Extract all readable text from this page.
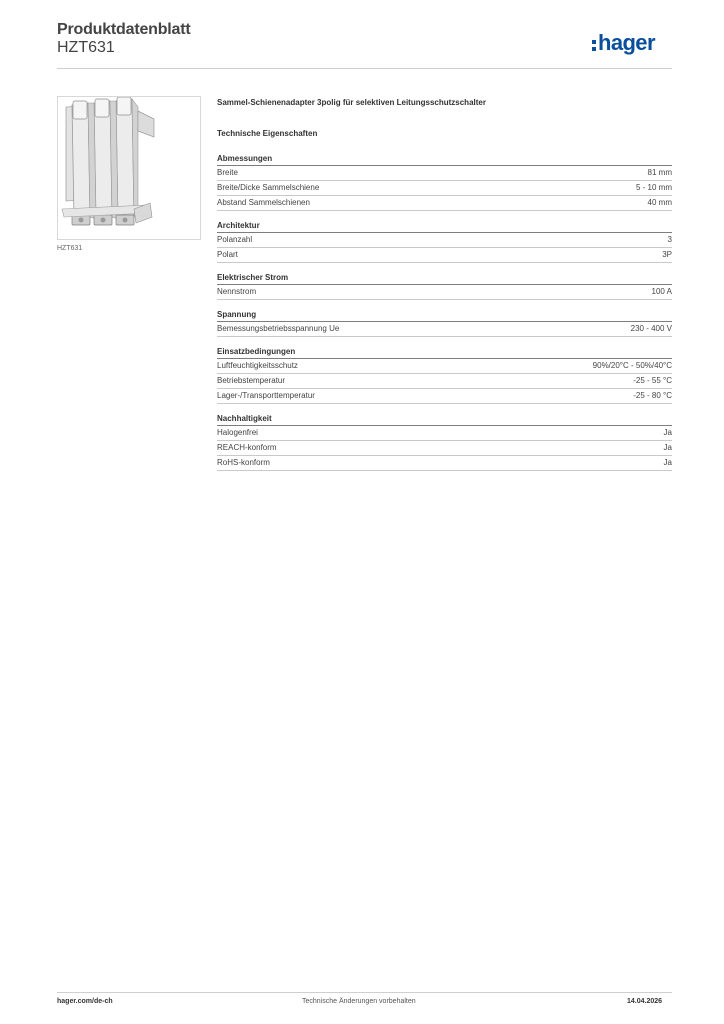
Produktdatenblatt
HZT631	hager
HZT631
Sammel-Schienenadapter 3polig für selektiven Leitungsschutzschalter
Technische Eigenschaften
Abmessungen
Breite	81 mm
Breite/Dicke Sammelschiene	5 - 10 mm
Abstand Sammelschienen	40 mm
Architektur
Polanzahl	3
Polart	3P
Elektrischer Strom
Nennstrom	100 A
Spannung
Bemessungsbetriebsspannung Ue	230 - 400 V
Einsatzbedingungen
Luftfeuchtigkeitsschutz	90%/20°C - 50%/40°C
Betriebstemperatur	-25 - 55 °C
Lager-/Transporttemperatur	-25 - 80 °C
Nachhaltigkeit
Halogenfrei	Ja
REACH-konform	Ja
RoHS-konform	Ja
hager.com/de-ch	Technische Änderungen vorbehalten	14.04.2026
